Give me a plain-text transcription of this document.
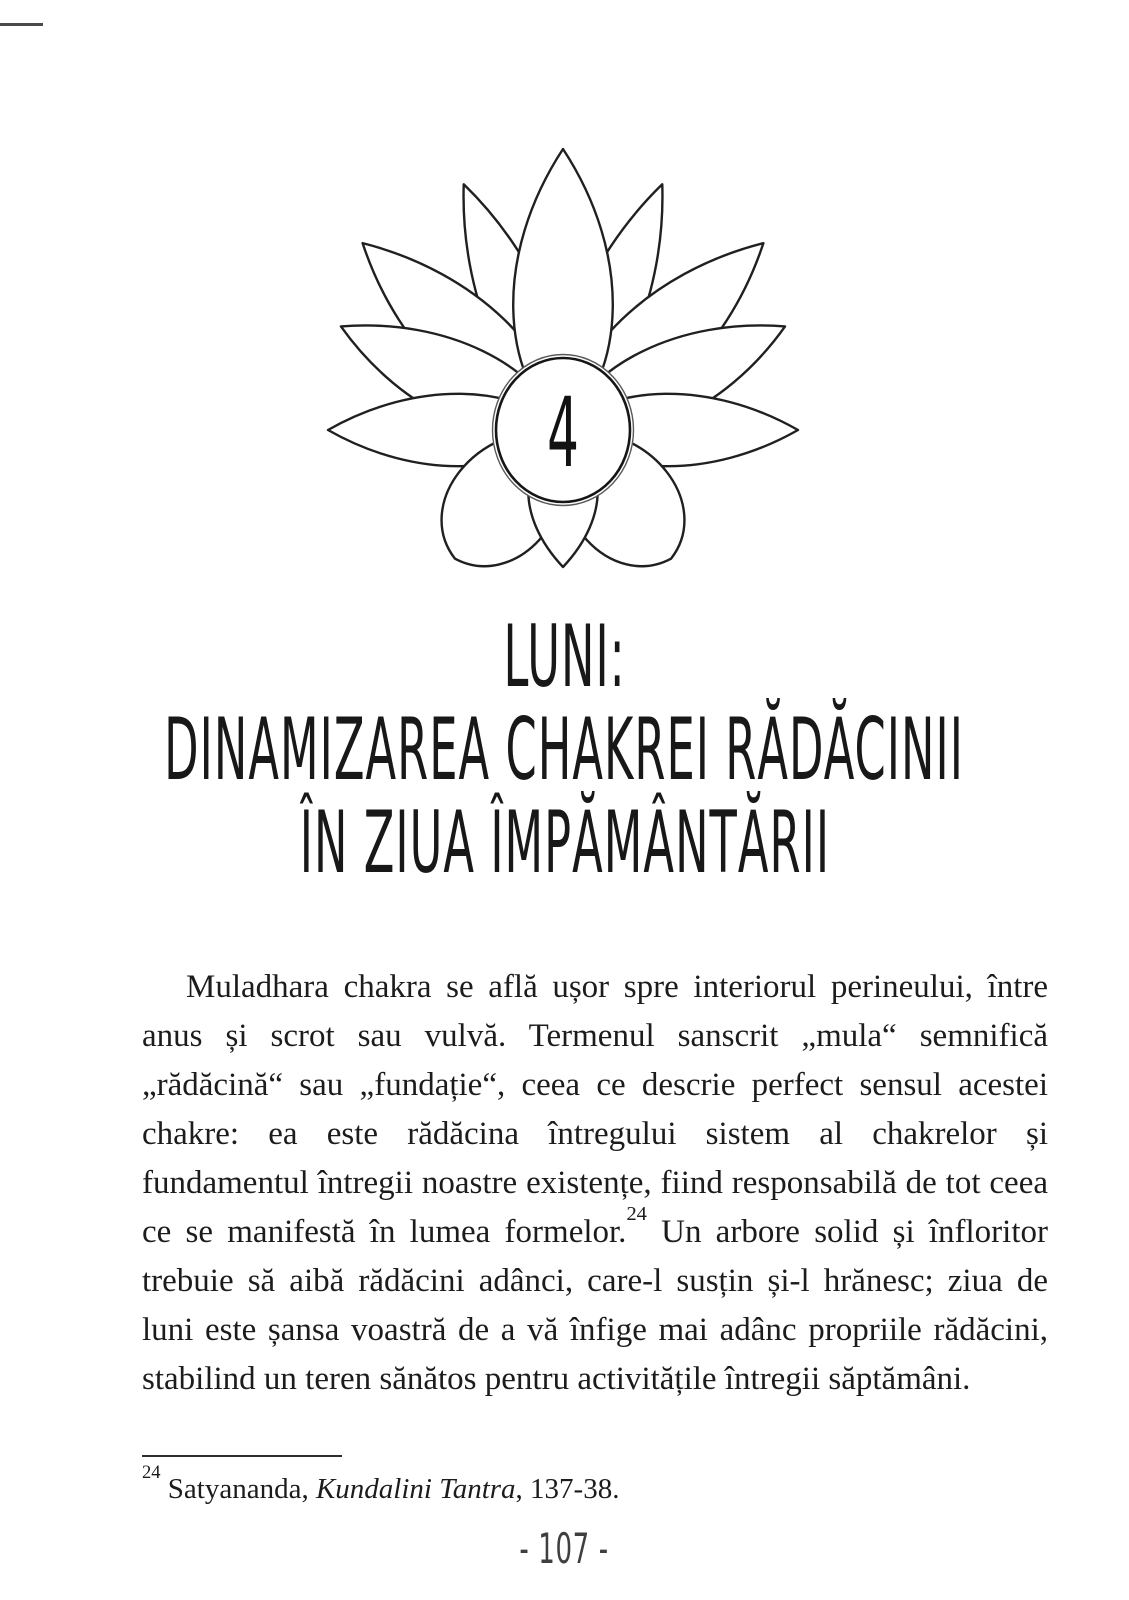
4
LUNI:
DINAMIZAREA CHAKREI RĂDĂCINII
ÎN ZIUA ÎMPĂMÂNTĂRII

Muladhara chakra se află ușor spre interiorul perineului, între anus și scrot sau vulvă. Termenul sanscrit „mula“ semnifică „rădăcină“ sau „fundație“, ceea ce descrie perfect sensul acestei chakre: ea este rădăcina întregului sistem al chakrelor și fundamentul întregii noastre existențe, fiind responsabilă de tot ceea ce se manifestă în lumea formelor.$^{24}$ Un arbore solid și înfloritor trebuie să aibă rădăcini adânci, care-l susțin și-l hrănesc; ziua de luni este șansa voastră de a vă înfige mai adânc propriile rădăcini, stabilind un teren sănătos pentru activitățile întregii săptămâni.

$^{24}$ Satyananda, Kundalini Tantra, 137-38.
- 107 -
